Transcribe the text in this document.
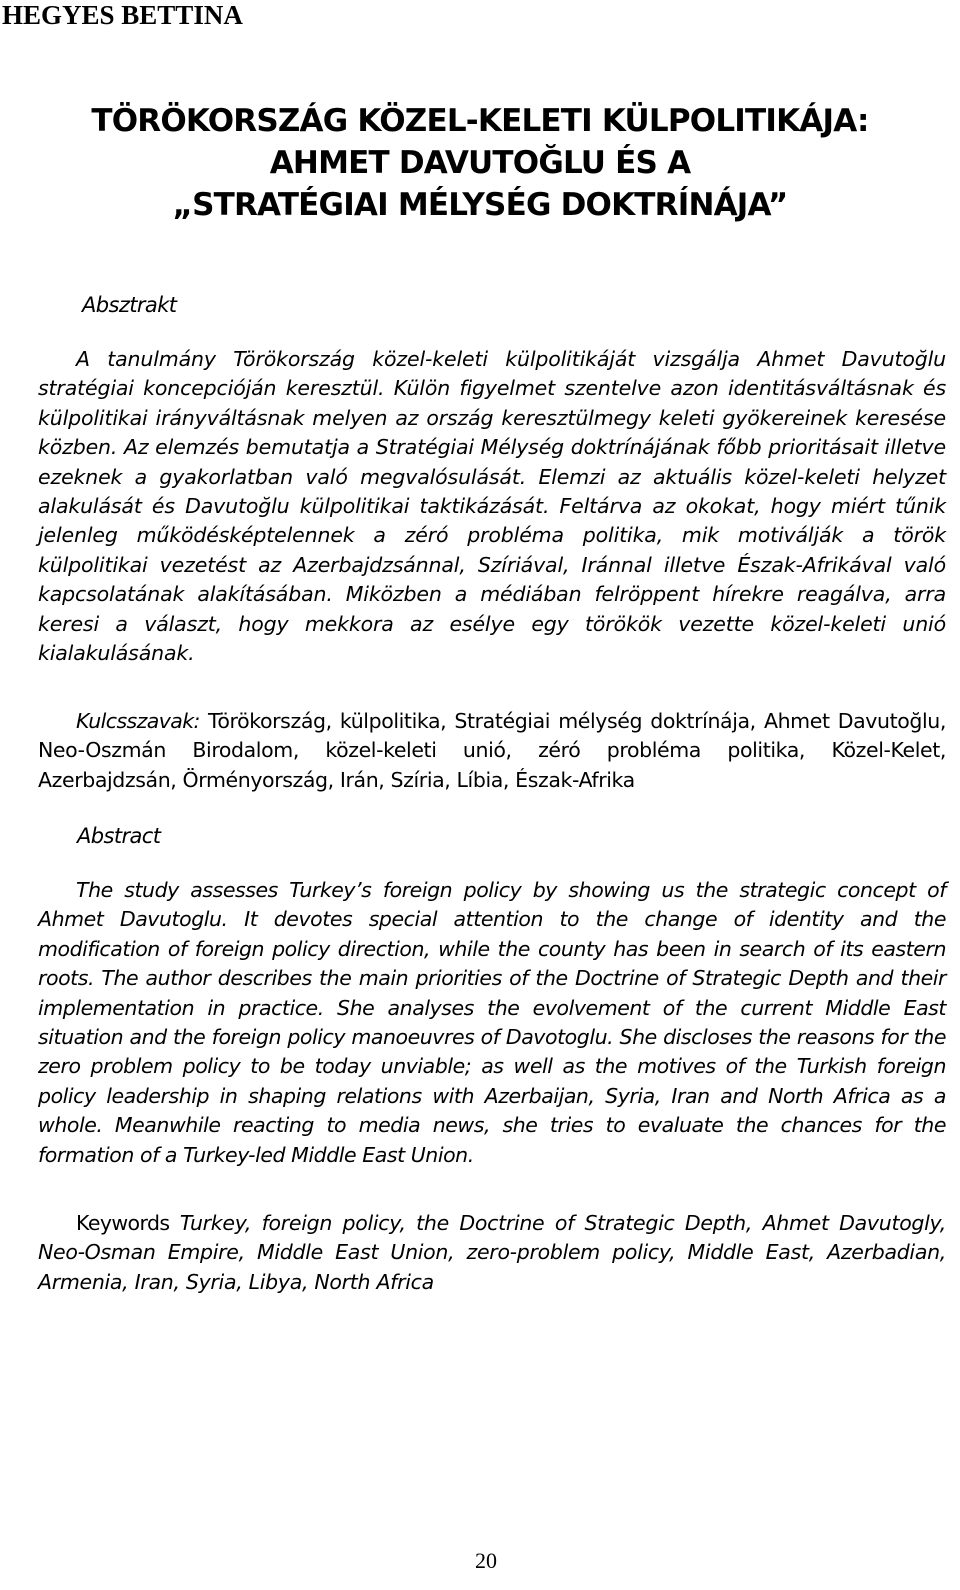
HEGYES BETTINA
TÖRÖKORSZÁG KÖZEL-KELETI KÜLPOLITIKÁJA:
AHMET DAVUTOĞLU ÉS A
„STRATÉGIAI MÉLYSÉG DOKTRÍNÁJA”
Absztrakt

A tanulmány Törökország közel-keleti külpolitikáját vizsgálja Ahmet Davutoğlu stratégiai koncepcióján keresztül. Külön figyelmet szentelve azon identitásváltásnak és külpolitikai irányváltásnak melyen az ország keresztülmegy keleti gyökereinek keresése közben. Az elemzés bemutatja a Stratégiai Mélység doktrínájának főbb prioritásait illetve ezeknek a gyakorlatban való megvalósulását. Elemzi az aktuális közel-keleti helyzet alakulását és Davutoğlu külpolitikai taktikázását. Feltárva az okokat, hogy miért tűnik jelenleg működésképtelennek a zéró probléma politika, mik motiválják a török külpolitikai vezetést az Azerbajdzsánnal, Szíriával, Iránnal illetve Észak-Afrikával való kapcsolatának alakításában. Miközben a médiában felröppent hírekre reagálva, arra keresi a választ, hogy mekkora az esélye egy törökök vezette közel-keleti unió kialakulásának.

Kulcsszavak: Törökország, külpolitika, Stratégiai mélység doktrínája, Ahmet Davutoğlu, Neo-Oszmán Birodalom, közel-keleti unió, zéró probléma politika, Közel-Kelet, Azerbajdzsán, Örményország, Irán, Szíria, Líbia, Észak-Afrika

Abstract

The study assesses Turkey’s foreign policy by showing us the strategic concept of Ahmet Davutoglu. It devotes special attention to the change of identity and the modification of foreign policy direction, while the county has been in search of its eastern roots. The author describes the main priorities of the Doctrine of Strategic Depth and their implementation in practice. She analyses the evolvement of the current Middle East situation and the foreign policy manoeuvres of Davotoglu. She discloses the reasons for the zero problem policy to be today unviable; as well as the motives of the Turkish foreign policy leadership in shaping relations with Azerbaijan, Syria, Iran and North Africa as a whole. Meanwhile reacting to media news, she tries to evaluate the chances for the formation of a Turkey-led Middle East Union.

Keywords Turkey, foreign policy, the Doctrine of Strategic Depth, Ahmet Davutogly, Neo-Osman Empire, Middle East Union, zero-problem policy, Middle East, Azerbadian, Armenia, Iran, Syria, Libya, North Africa

20
